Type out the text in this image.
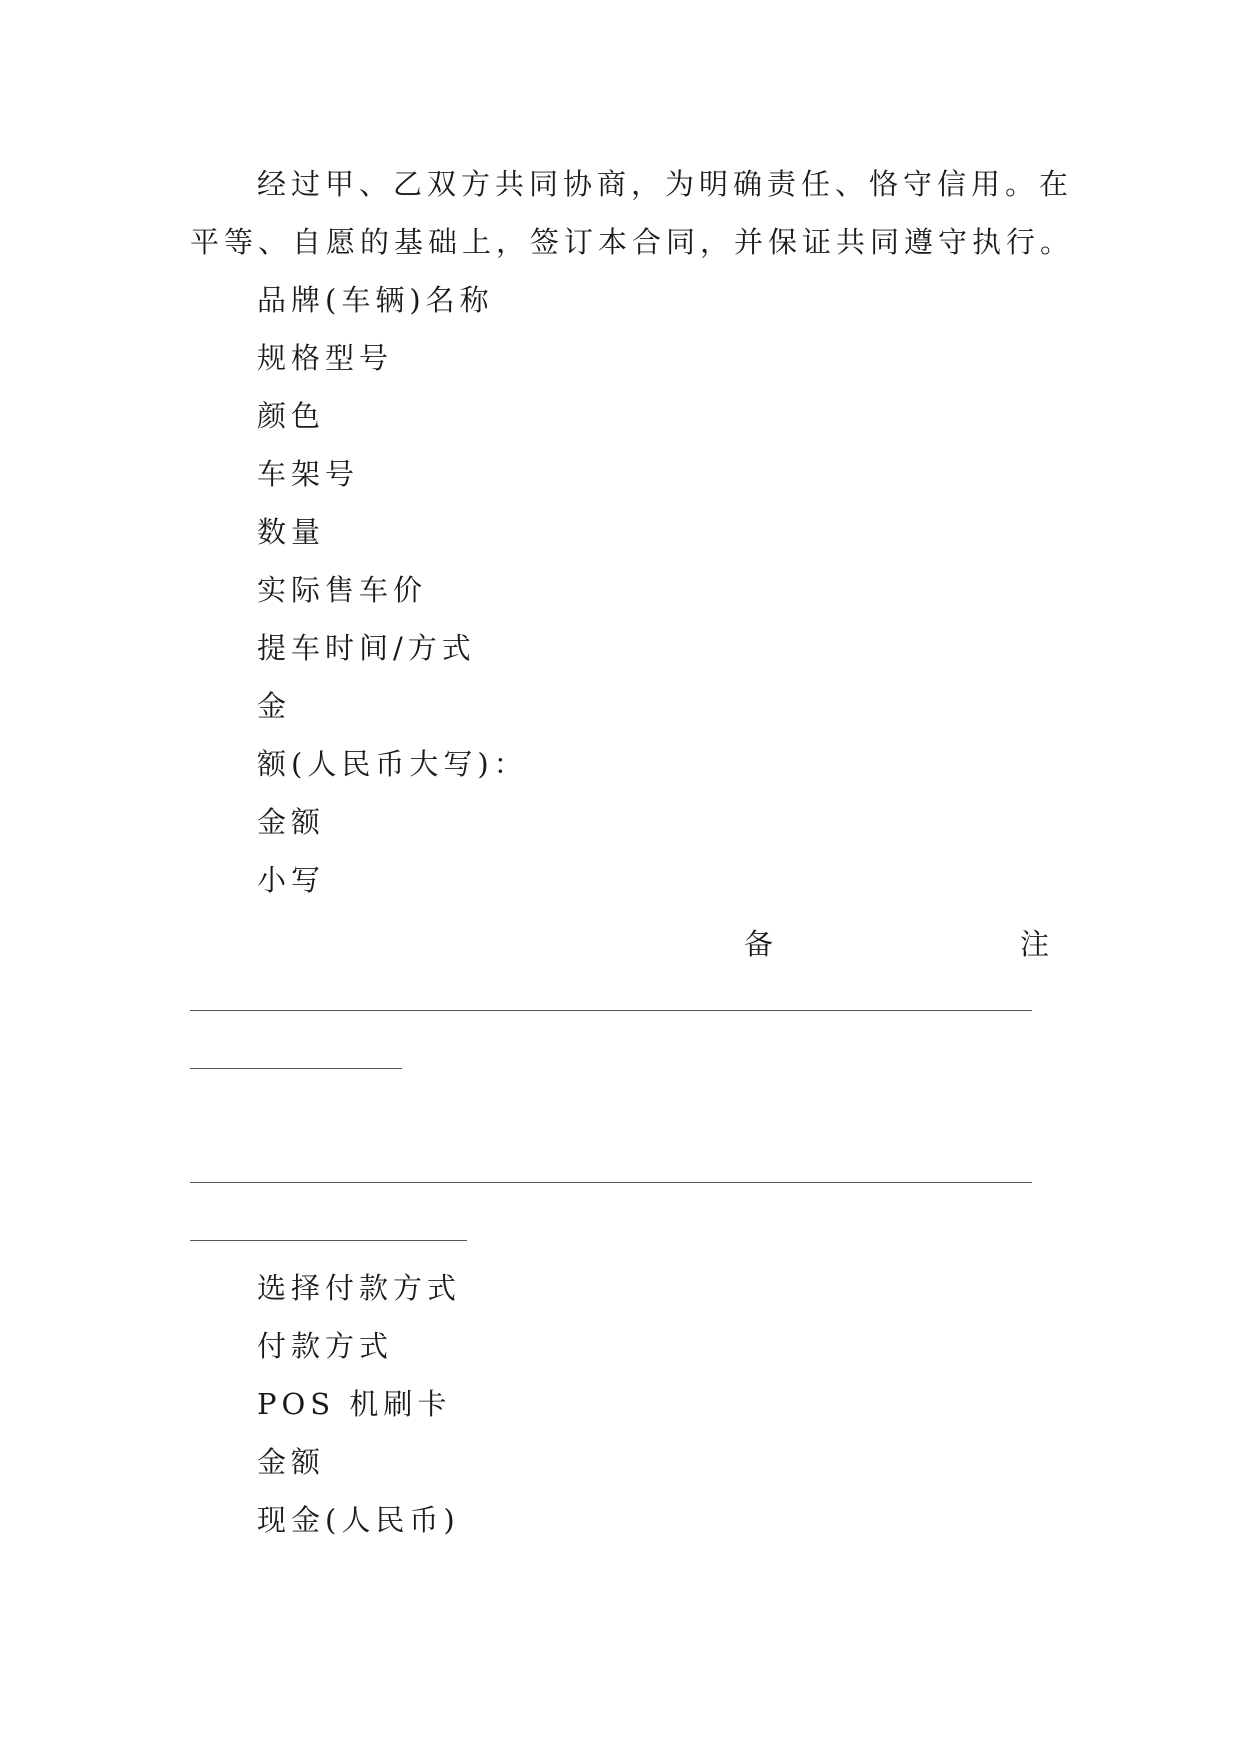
经过甲、乙双方共同协商，为明确责任、恪守信用。在
平等、自愿的基础上，签订本合同，并保证共同遵守执行。
品牌(车辆)名称
规格型号
颜色
车架号
数量
实际售车价
提车时间/方式
金
额(人民币大写)：
金额
小写
备	注
选择付款方式
付款方式
POS 机刷卡
金额
现金(人民币)
